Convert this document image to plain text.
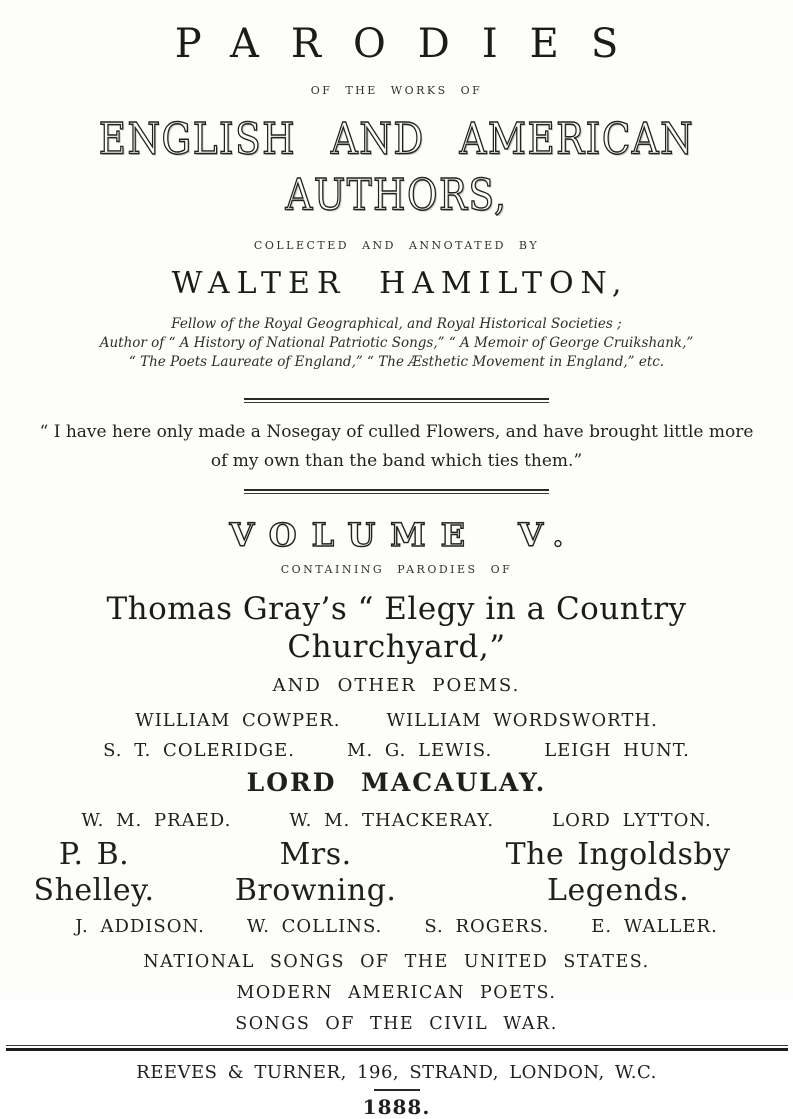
PARODIES
OF THE WORKS OF
ENGLISH AND AMERICAN AUTHORS,
COLLECTED AND ANNOTATED BY
WALTER HAMILTON,
Fellow of the Royal Geographical, and Royal Historical Societies ;
Author of “ A History of National Patriotic Songs,” “ A Memoir of George Cruikshank,”
“ The Poets Laureate of England,” “ The Æsthetic Movement in England,” etc.
“ I have here only made a Nosegay of culled Flowers, and have brought little more
of my own than the band which ties them.”
VOLUME V.
CONTAINING PARODIES OF
Thomas Gray’s “ Elegy in a Country Churchyard,”
AND OTHER POEMS.
WILLIAM COWPER.	WILLIAM WORDSWORTH.
S. T. COLERIDGE.	M. G. LEWIS.	LEIGH HUNT.
LORD MACAULAY.
W. M. PRAED.	W. M. THACKERAY.	LORD LYTTON.
P. B. Shelley.
Mrs. Browning.
The Ingoldsby Legends.
J. ADDISON. W. COLLINS. S. ROGERS. E. WALLER.
NATIONAL SONGS OF THE UNITED STATES.
MODERN AMERICAN POETS.
SONGS OF THE CIVIL WAR.
REEVES & TURNER, 196, STRAND, LONDON, W.C.
1888.
